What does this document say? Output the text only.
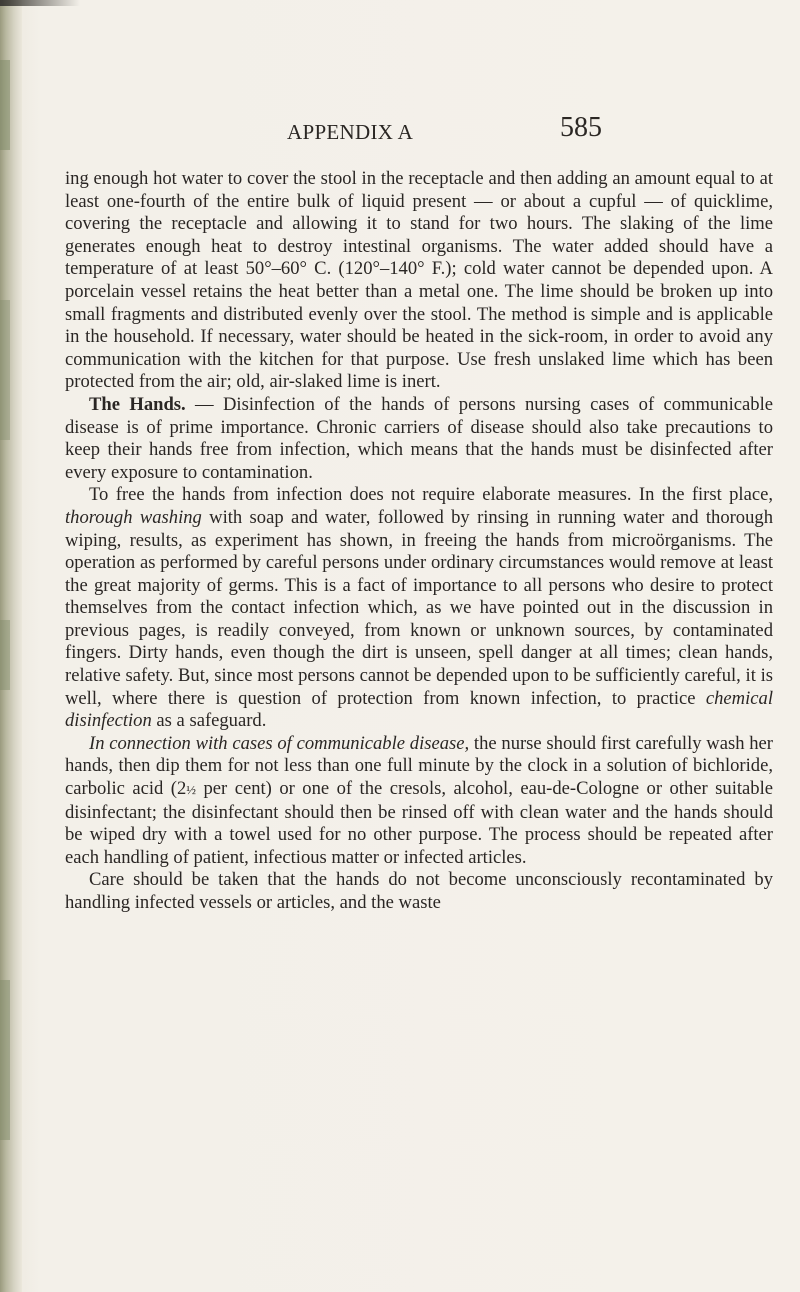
APPENDIX A	585

ing enough hot water to cover the stool in the receptacle and then adding an amount equal to at least one-fourth of the entire bulk of liquid present — or about a cupful — of quicklime, covering the receptacle and allowing it to stand for two hours. The slaking of the lime generates enough heat to destroy intestinal organisms. The water added should have a temperature of at least 50°–60° C. (120°–140° F.); cold water cannot be depended upon. A porcelain vessel retains the heat better than a metal one. The lime should be broken up into small fragments and distributed evenly over the stool. The method is simple and is applicable in the household. If necessary, water should be heated in the sick-room, in order to avoid any communication with the kitchen for that purpose. Use fresh unslaked lime which has been protected from the air; old, air-slaked lime is inert.

The Hands. — Disinfection of the hands of persons nursing cases of communicable disease is of prime importance. Chronic carriers of disease should also take precautions to keep their hands free from infection, which means that the hands must be disinfected after every exposure to contamination.

To free the hands from infection does not require elaborate measures. In the first place, thorough washing with soap and water, followed by rinsing in running water and thorough wiping, results, as experiment has shown, in freeing the hands from microörganisms. The operation as performed by careful persons under ordinary circumstances would remove at least the great majority of germs. This is a fact of importance to all persons who desire to protect themselves from the contact infection which, as we have pointed out in the discussion in previous pages, is readily conveyed, from known or unknown sources, by contaminated fingers. Dirty hands, even though the dirt is unseen, spell danger at all times; clean hands, relative safety. But, since most persons cannot be depended upon to be sufficiently careful, it is well, where there is question of protection from known infection, to practice chemical disinfection as a safeguard.

In connection with cases of communicable disease, the nurse should first carefully wash her hands, then dip them for not less than one full minute by the clock in a solution of bichloride, carbolic acid (2½ per cent) or one of the cresols, alcohol, eau-de-Cologne or other suitable disinfectant; the disinfectant should then be rinsed off with clean water and the hands should be wiped dry with a towel used for no other purpose. The process should be repeated after each handling of patient, infectious matter or infected articles.

Care should be taken that the hands do not become unconsciously recontaminated by handling infected vessels or articles, and the waste
